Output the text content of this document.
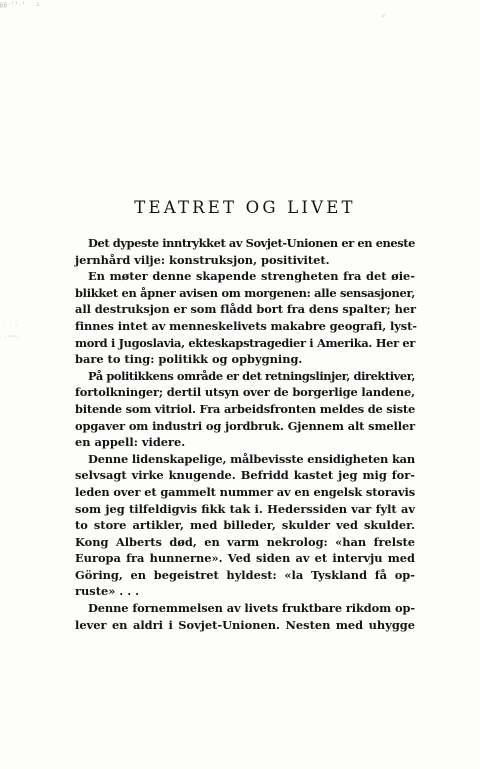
ᵷᵷ·ᵀᴵ·ᴵ   ı    ⁻
⸝
· · ·
·ᵎᵉᵎ·
TEATRET OG LIVET
Det dypeste inntrykket av Sovjet-Unionen er en eneste
jernhård vilje: konstruksjon, positivitet.
En møter denne skapende strengheten fra det øie-
blikket en åpner avisen om morgenen: alle sensasjoner,
all destruksjon er som flådd bort fra dens spalter; her
finnes intet av menneskelivets makabre geografi, lyst-
mord i Jugoslavia, ekteskapstragedier i Amerika. Her er
bare to ting: politikk og opbygning.
På politikkens område er det retningslinjer, direktiver,
fortolkninger; dertil utsyn over de borgerlige landene,
bitende som vitriol. Fra arbeidsfronten meldes de siste
opgaver om industri og jordbruk. Gjennem alt smeller
en appell: videre.
Denne lidenskapelige, målbevisste ensidigheten kan
selvsagt virke knugende. Befridd kastet jeg mig for-
leden over et gammelt nummer av en engelsk storavis
som jeg tilfeldigvis fikk tak i. Hederssiden var fylt av
to store artikler, med billeder, skulder ved skulder.
Kong Alberts død, en varm nekrolog: «han frelste
Europa fra hunnerne». Ved siden av et intervju med
Göring, en begeistret hyldest: «la Tyskland få op-
ruste» . . .
Denne fornemmelsen av livets fruktbare rikdom op-
lever en aldri i Sovjet-Unionen. Nesten med uhygge
